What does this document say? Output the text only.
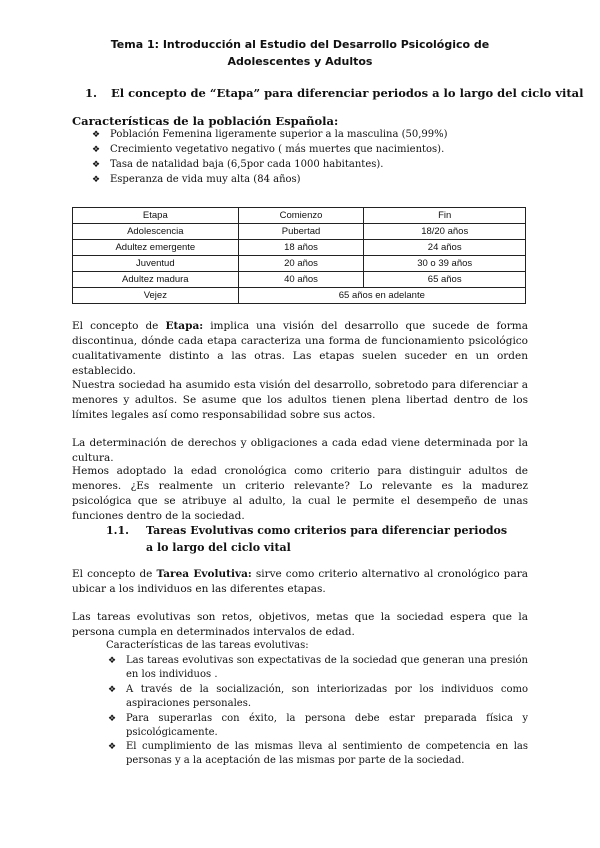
Tema 1: Introducción al Estudio del Desarrollo Psicológico de Adolescentes y Adultos
1. El concepto de “Etapa” para diferenciar periodos a lo largo del ciclo vital
Características de la población Española:
❖ Población Femenina ligeramente superior a la masculina (50,99%)
❖ Crecimiento vegetativo negativo ( más muertes que nacimientos).
❖ Tasa de natalidad baja (6,5por cada 1000 habitantes).
❖ Esperanza de vida muy alta (84 años)
Etapa	Comienzo	Fin
Adolescencia	Pubertad	18/20 años
Adultez emergente	18 años	24 años
Juventud	20 años	30 o 39 años
Adultez madura	40 años	65 años
Vejez	65 años en adelante	
El concepto de Etapa: implica una visión del desarrollo que sucede de forma discontinua, dónde cada etapa caracteriza una forma de funcionamiento psicológico cualitativamente distinto a las otras. Las etapas suelen suceder en un orden establecido.
Nuestra sociedad ha asumido esta visión del desarrollo, sobretodo para diferenciar a menores y adultos. Se asume que los adultos tienen plena libertad dentro de los límites legales así como responsabilidad sobre sus actos.
La determinación de derechos y obligaciones a cada edad viene determinada por la cultura.
Hemos adoptado la edad cronológica como criterio para distinguir adultos de menores. ¿Es realmente un criterio relevante? Lo relevante es la madurez psicológica que se atribuye al adulto, la cual le permite el desempeño de unas funciones dentro de la sociedad.
1.1. Tareas Evolutivas como criterios para diferenciar periodos a lo largo del ciclo vital
El concepto de Tarea Evolutiva: sirve como criterio alternativo al cronológico para ubicar a los individuos en las diferentes etapas.
Las tareas evolutivas son retos, objetivos, metas que la sociedad espera que la persona cumpla en determinados intervalos de edad.
Características de las tareas evolutivas:
❖ Las tareas evolutivas son expectativas de la sociedad que generan una presión en los individuos .
❖ A través de la socialización, son interiorizadas por los individuos como aspiraciones personales.
❖ Para superarlas con éxito, la persona debe estar preparada física y psicológicamente.
❖ El cumplimiento de las mismas lleva al sentimiento de competencia en las personas y a la aceptación de las mismas por parte de la sociedad.
